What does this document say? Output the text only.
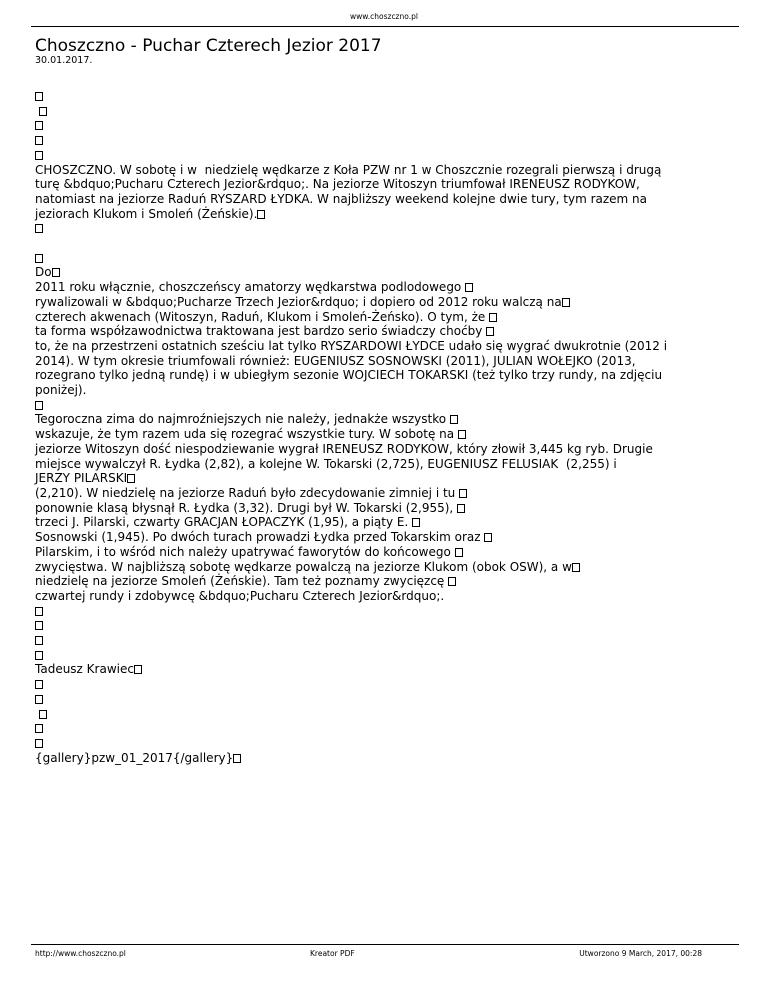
www.choszczno.pl
Choszczno - Puchar Czterech Jezior 2017
30.01.2017.

CHOSZCZNO. W sobotę i w  niedzielę wędkarze z Koła PZW nr 1 w Choszcznie rozegrali pierwszą i drugą
turę &bdquo;Pucharu Czterech Jezior&rdquo;. Na jeziorze Witoszyn triumfował IRENEUSZ RODYKOW,
natomiast na jeziorze Raduń RYSZARD ŁYDKA. W najbliższy weekend kolejne dwie tury, tym razem na
jeziorach Klukom i Smoleń (Żeńskie).

Do
2011 roku włącznie, choszczeńscy amatorzy wędkarstwa podlodowego
rywalizowali w &bdquo;Pucharze Trzech Jezior&rdquo; i dopiero od 2012 roku walczą na
czterech akwenach (Witoszyn, Raduń, Klukom i Smoleń-Żeńsko). O tym, że
ta forma współzawodnictwa traktowana jest bardzo serio świadczy choćby
to, że na przestrzeni ostatnich sześciu lat tylko RYSZARDOWI ŁYDCE udało się wygrać dwukrotnie (2012 i
2014). W tym okresie triumfowali również: EUGENIUSZ SOSNOWSKI (2011), JULIAN WOŁEJKO (2013,
rozegrano tylko jedną rundę) i w ubiegłym sezonie WOJCIECH TOKARSKI (też tylko trzy rundy, na zdjęciu
poniżej).
Tegoroczna zima do najmroźniejszych nie należy, jednakże wszystko
wskazuje, że tym razem uda się rozegrać wszystkie tury. W sobotę na
jeziorze Witoszyn dość niespodziewanie wygrał IRENEUSZ RODYKOW, który złowił 3,445 kg ryb. Drugie
miejsce wywalczył R. Łydka (2,82), a kolejne W. Tokarski (2,725), EUGENIUSZ FELUSIAK  (2,255) i
JERZY PILARSKI
(2,210). W niedzielę na jeziorze Raduń było zdecydowanie zimniej i tu
ponownie klasą błysnął R. Łydka (3,32). Drugi był W. Tokarski (2,955),
trzeci J. Pilarski, czwarty GRACJAN ŁOPACZYK (1,95), a piąty E.
Sosnowski (1,945). Po dwóch turach prowadzi Łydka przed Tokarskim oraz
Pilarskim, i to wśród nich należy upatrywać faworytów do końcowego
zwycięstwa. W najbliższą sobotę wędkarze powalczą na jeziorze Klukom (obok OSW), a w
niedzielę na jeziorze Smoleń (Żeńskie). Tam też poznamy zwycięzcę
czwartej rundy i zdobywcę &bdquo;Pucharu Czterech Jezior&rdquo;.
Tadeusz Krawiec

{gallery}pzw_01_2017{/gallery}
http://www.choszczno.pl	Kreator PDF	Utworzono 9 March, 2017, 00:28
